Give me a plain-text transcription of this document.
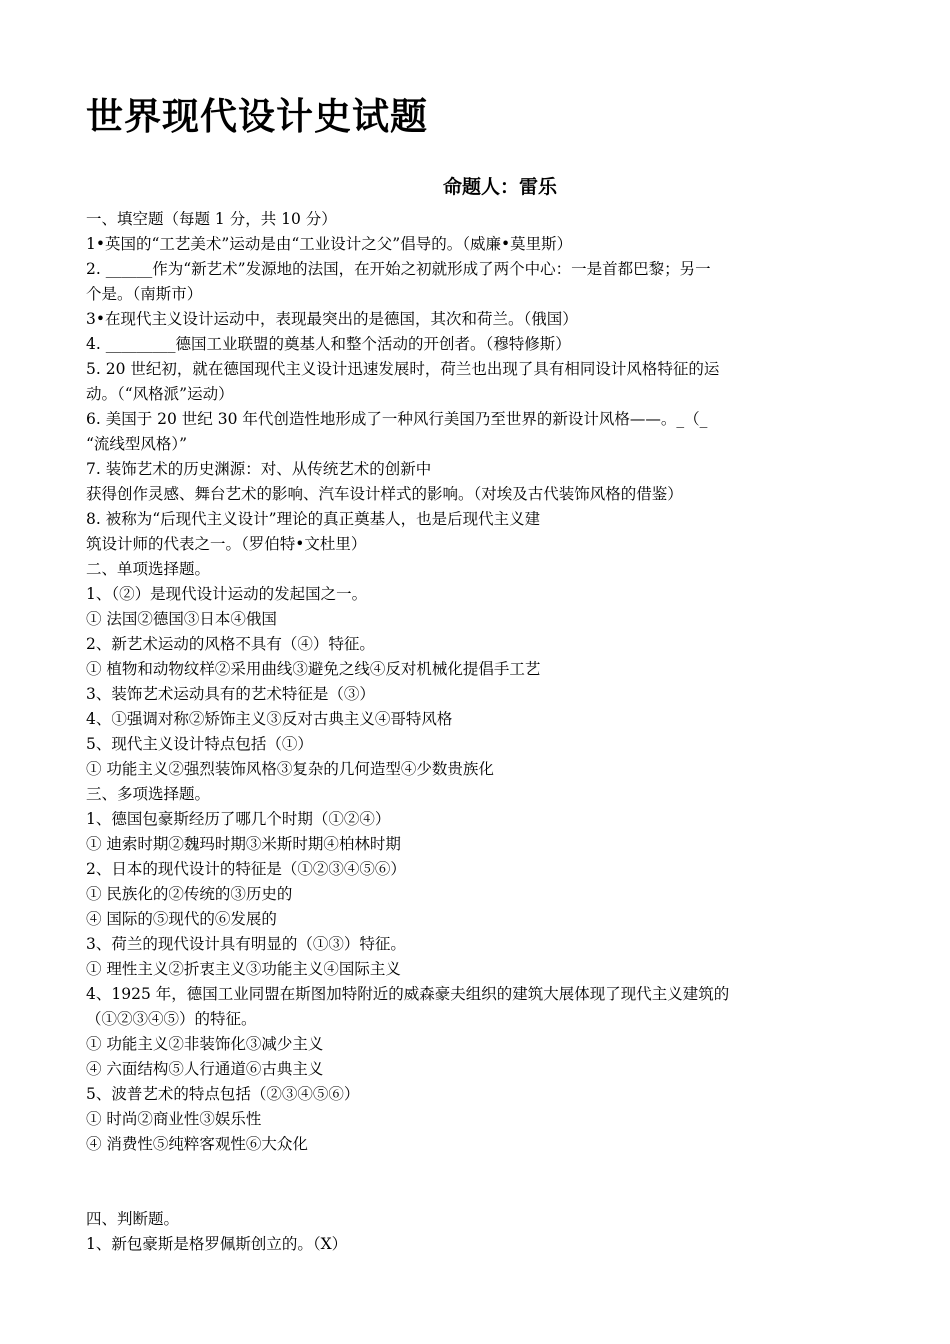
世界现代设计史试题
命题人：雷乐
一、填空题（每题 1 分，共 10 分）
1•英国的“工艺美术”运动是由“工业设计之父”倡导的。（威廉•莫里斯）
2. ______作为“新艺术”发源地的法国，在开始之初就形成了两个中心：一是首都巴黎；另一
个是。（南斯市）
3•在现代主义设计运动中，表现最突出的是德国，其次和荷兰。（俄国）
4. _________德国工业联盟的奠基人和整个活动的开创者。（穆特修斯）
5. 20 世纪初，就在德国现代主义设计迅速发展时，荷兰也出现了具有相同设计风格特征的运
动。（“风格派”运动）
6. 美国于 20 世纪 30 年代创造性地形成了一种风行美国乃至世界的新设计风格——。_（_
“流线型风格）”
7. 装饰艺术的历史渊源：对、从传统艺术的创新中
获得创作灵感、舞台艺术的影响、汽车设计样式的影响。（对埃及古代装饰风格的借鉴）
8. 被称为“后现代主义设计”理论的真正奠基人，也是后现代主义建
筑设计师的代表之一。（罗伯特•文杜里）
二、单项选择题。
1、（②）是现代设计运动的发起国之一。
① 法国②德国③日本④俄国
2、新艺术运动的风格不具有（④）特征。
① 植物和动物纹样②采用曲线③避免之线④反对机械化提倡手工艺
3、装饰艺术运动具有的艺术特征是（③）
4、①强调对称②矫饰主义③反对古典主义④哥特风格
5、现代主义设计特点包括（①）
① 功能主义②强烈装饰风格③复杂的几何造型④少数贵族化
三、多项选择题。
1、德国包豪斯经历了哪几个时期（①②④）
① 迪索时期②魏玛时期③米斯时期④柏林时期
2、日本的现代设计的特征是（①②③④⑤⑥）
① 民族化的②传统的③历史的
④ 国际的⑤现代的⑥发展的
3、荷兰的现代设计具有明显的（①③）特征。
① 理性主义②折衷主义③功能主义④国际主义
4、1925 年，德国工业同盟在斯图加特附近的威森豪夫组织的建筑大展体现了现代主义建筑的
（①②③④⑤）的特征。
① 功能主义②非装饰化③减少主义
④ 六面结构⑤人行通道⑥古典主义
5、波普艺术的特点包括（②③④⑤⑥）
① 时尚②商业性③娱乐性
④ 消费性⑤纯粹客观性⑥大众化
四、判断题。
1、新包豪斯是格罗佩斯创立的。（X）
